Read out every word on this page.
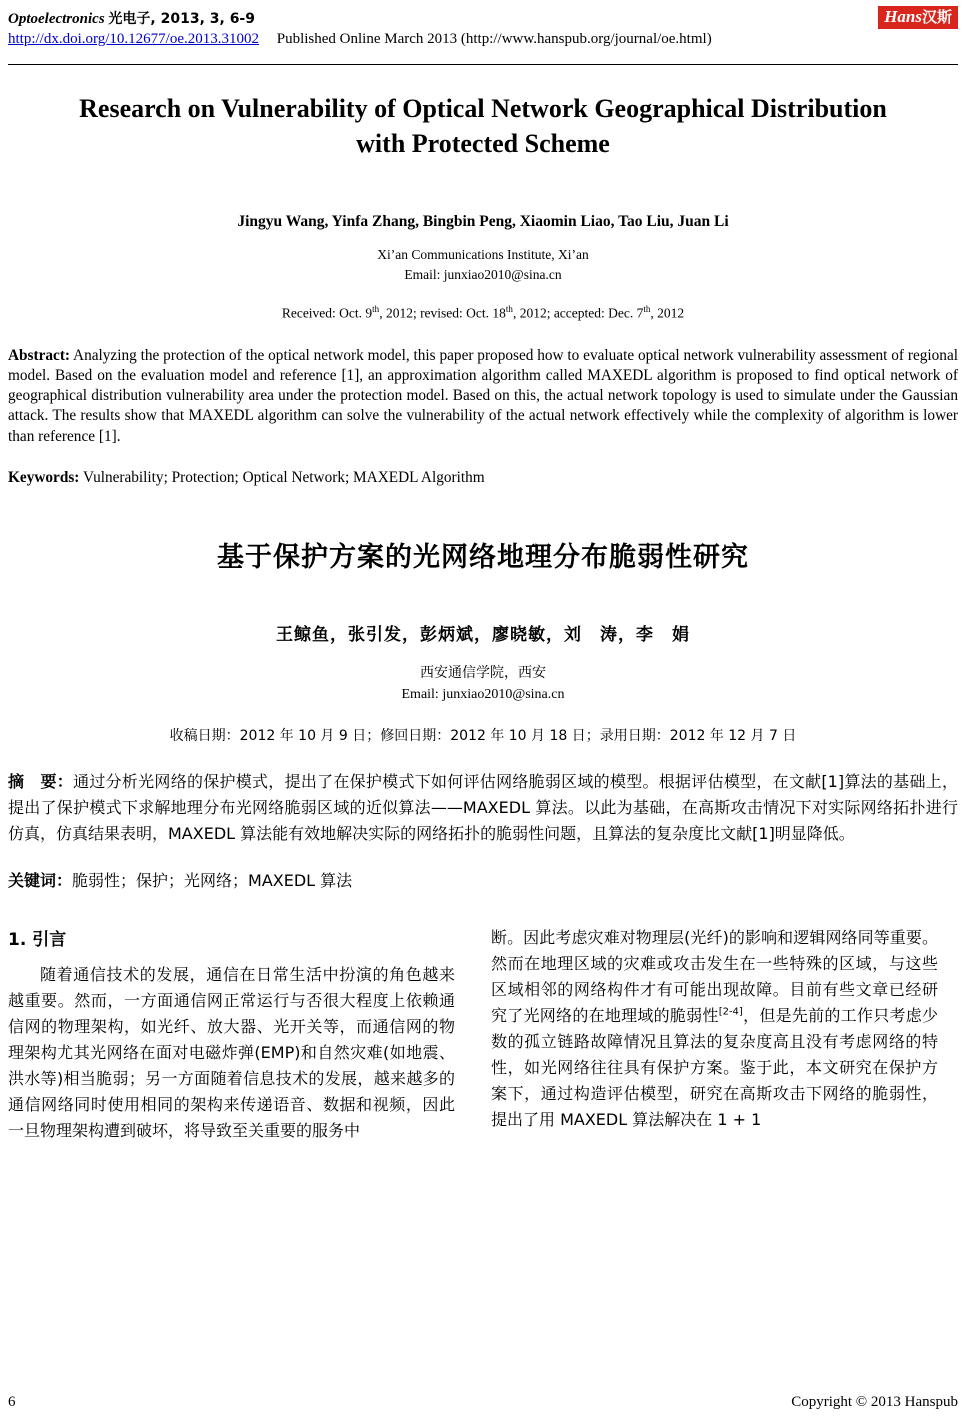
Optoelectronics 光电子, 2013, 3, 6-9
http://dx.doi.org/10.12677/oe.2013.31002 Published Online March 2013 (http://www.hanspub.org/journal/oe.html)
Hans汉斯
Research on Vulnerability of Optical Network Geographical Distribution with Protected Scheme
Jingyu Wang, Yinfa Zhang, Bingbin Peng, Xiaomin Liao, Tao Liu, Juan Li
Xi’an Communications Institute, Xi’an
Email: junxiao2010@sina.cn
Received: Oct. 9th, 2012; revised: Oct. 18th, 2012; accepted: Dec. 7th, 2012
Abstract: Analyzing the protection of the optical network model, this paper proposed how to evaluate optical network vulnerability assessment of regional model. Based on the evaluation model and reference [1], an approximation algorithm called MAXEDL algorithm is proposed to find optical network of geographical distribution vulnerability area under the protection model. Based on this, the actual network topology is used to simulate under the Gaussian attack. The results show that MAXEDL algorithm can solve the vulnerability of the actual network effectively while the complexity of algorithm is lower than reference [1].
Keywords: Vulnerability; Protection; Optical Network; MAXEDL Algorithm
基于保护方案的光网络地理分布脆弱性研究
王鲸鱼，张引发，彭炳斌，廖晓敏，刘　涛，李　娟
西安通信学院，西安
Email: junxiao2010@sina.cn
收稿日期：2012 年 10 月 9 日；修回日期：2012 年 10 月 18 日；录用日期：2012 年 12 月 7 日
摘　要：通过分析光网络的保护模式，提出了在保护模式下如何评估网络脆弱区域的模型。根据评估模型，在文献[1]算法的基础上，提出了保护模式下求解地理分布光网络脆弱区域的近似算法——MAXEDL 算法。以此为基础，在高斯攻击情况下对实际网络拓扑进行仿真，仿真结果表明，MAXEDL 算法能有效地解决实际的网络拓扑的脆弱性问题，且算法的复杂度比文献[1]明显降低。
关键词：脆弱性；保护；光网络；MAXEDL 算法
1. 引言

随着通信技术的发展，通信在日常生活中扮演的角色越来越重要。然而，一方面通信网正常运行与否很大程度上依赖通信网的物理架构，如光纤、放大器、光开关等，而通信网的物理架构尤其光网络在面对电磁炸弹(EMP)和自然灾难(如地震、洪水等)相当脆弱；另一方面随着信息技术的发展，越来越多的通信网络同时使用相同的架构来传递语音、数据和视频，因此一旦物理架构遭到破坏，将导致至关重要的服务中

断。因此考虑灾难对物理层(光纤)的影响和逻辑网络同等重要。然而在地理区域的灾难或攻击发生在一些特殊的区域，与这些区域相邻的网络构件才有可能出现故障。目前有些文章已经研究了光网络的在地理域的脆弱性[2-4]，但是先前的工作只考虑少数的孤立链路故障情况且算法的复杂度高且没有考虑网络的特性，如光网络往往具有保护方案。鉴于此，本文研究在保护方案下，通过构造评估模型，研究在高斯攻击下网络的脆弱性，提出了用 MAXEDL 算法解决在 1 + 1

6	Copyright © 2013 Hanspub
